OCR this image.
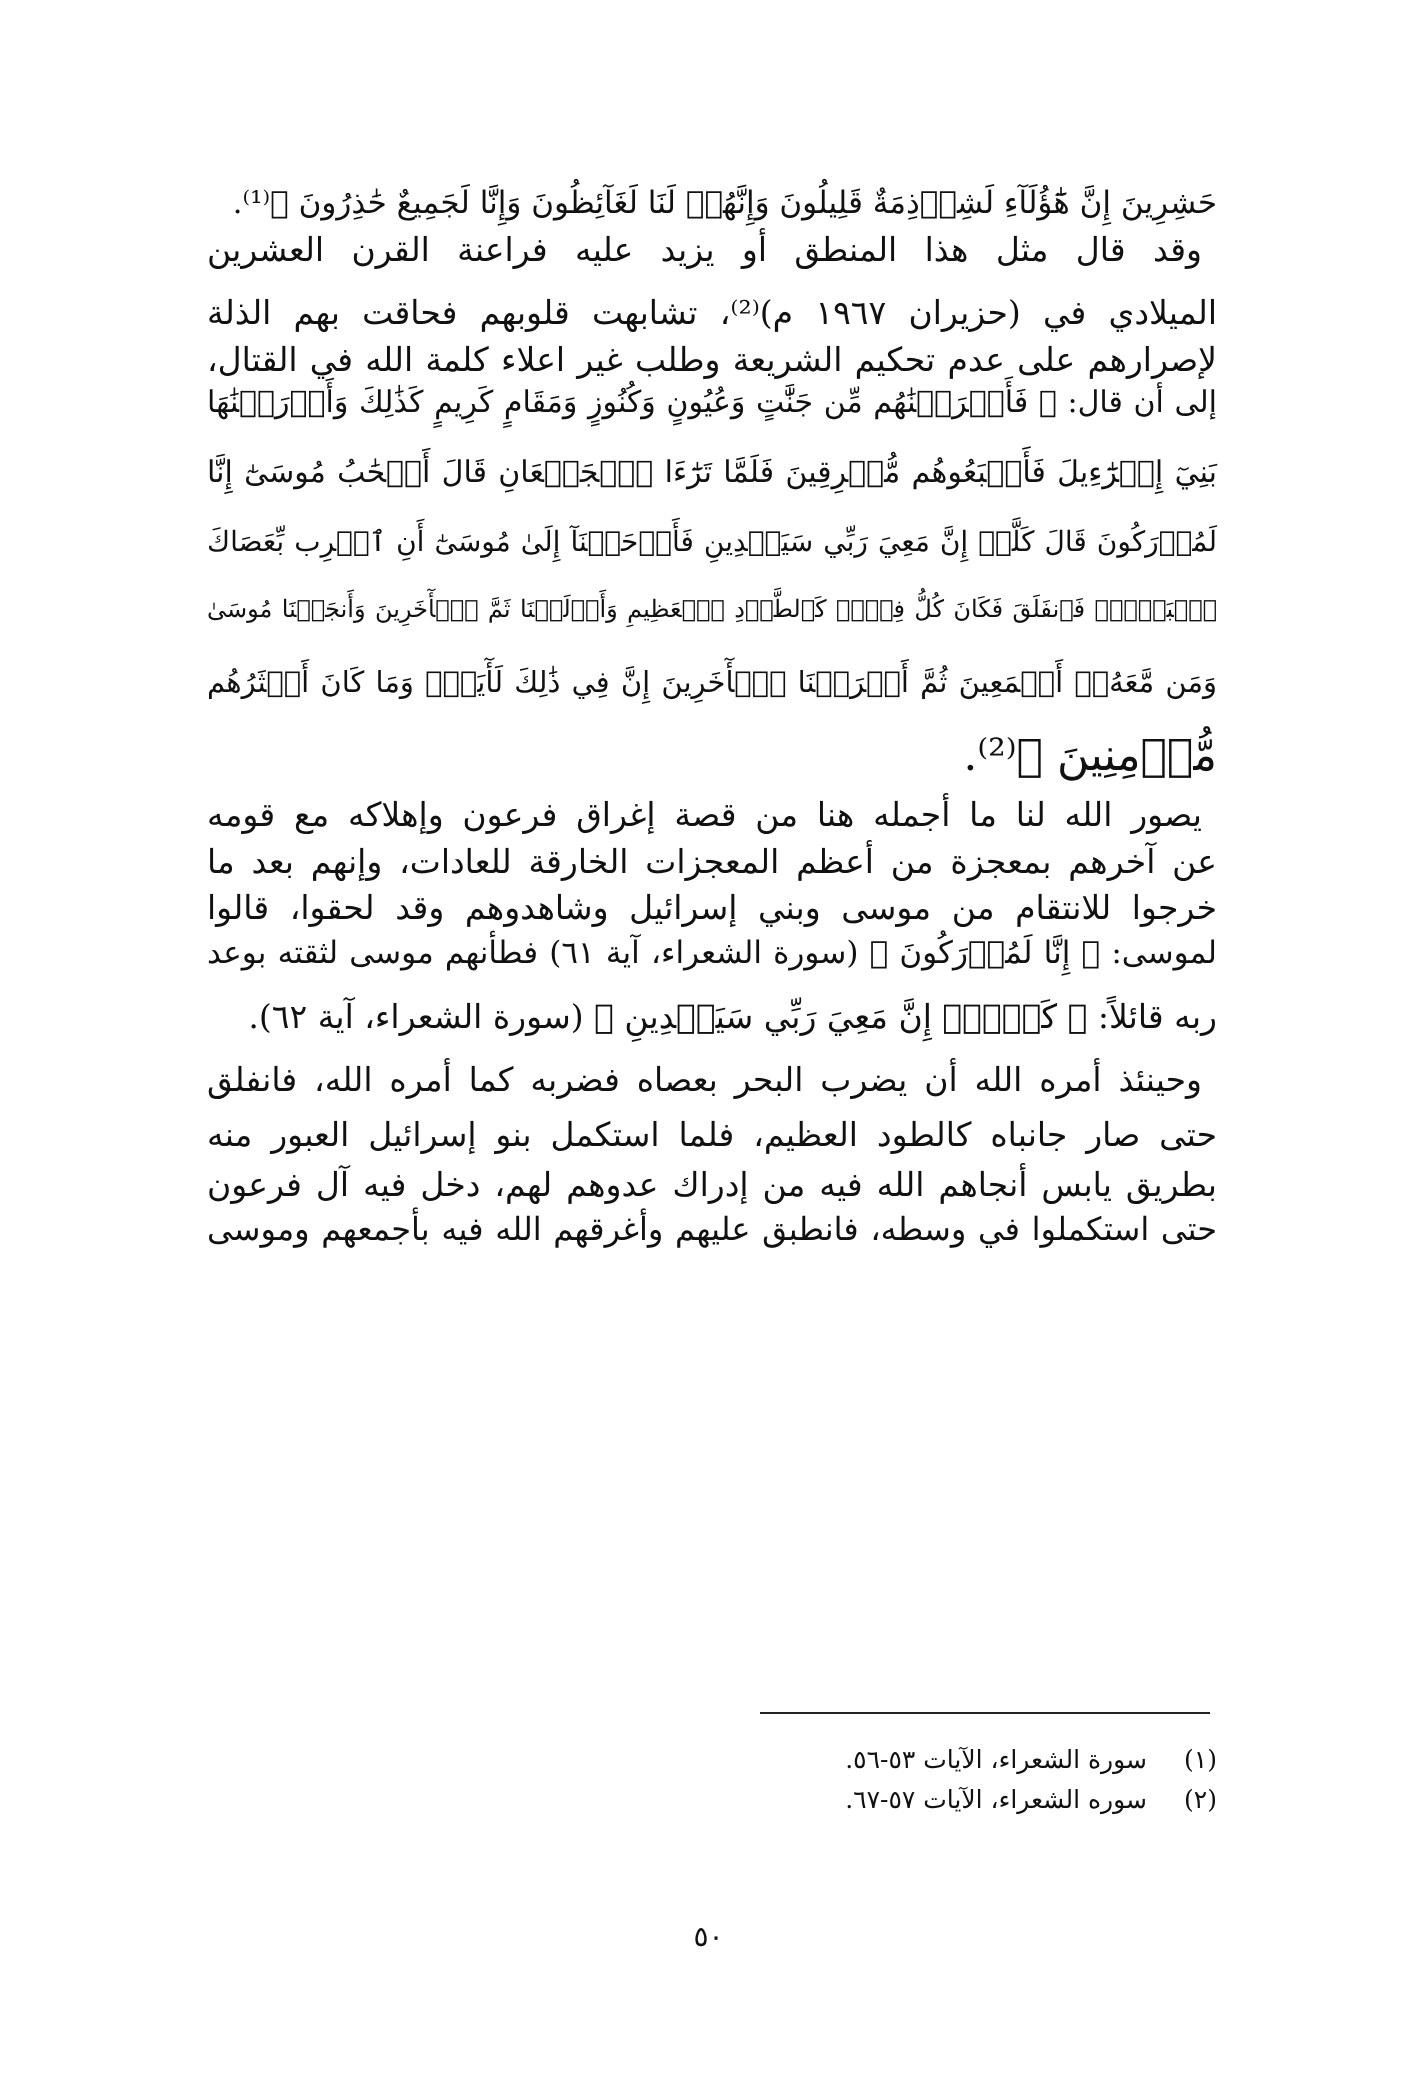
حَشِرِينَ إِنَّ هَٰٓؤُلَآءِ لَشِرۡذِمَةٌ قَلِيلُونَ وَإِنَّهُمۡ لَنَا لَغَآئِظُونَ وَإِنَّا لَجَمِيعٌ حَٰذِرُونَ ﴾⁽¹⁾.
وقد قال مثل هذا المنطق أو يزيد عليه فراعنة القرن العشرين
الميلادي في (حزيران ١٩٦٧ م)⁽²⁾، تشابهت قلوبهم فحاقت بهم الذلة
لإصرارهم على عدم تحكيم الشريعة وطلب غير اعلاء كلمة الله في القتال،
إلى أن قال: ﴿ فَأَخۡرَجۡنَٰهُم مِّن جَنَّٰتٍ وَعُيُونٍ وَكُنُوزٍ وَمَقَامٍ كَرِيمٍ كَذَٰلِكَ وَأَوۡرَثۡنَٰهَا
بَنِيٓ إِسۡرَٰٓءِيلَ فَأَتۡبَعُوهُم مُّشۡرِقِينَ فَلَمَّا تَرَٰٓءَا ٱلۡجَمۡعَانِ قَالَ أَصۡحَٰبُ مُوسَىٰٓ إِنَّا
لَمُدۡرَكُونَ قَالَ كَلَّآۖ إِنَّ مَعِيَ رَبِّي سَيَهۡدِينِ فَأَوۡحَيۡنَآ إِلَىٰ مُوسَىٰٓ أَنِ ٱضۡرِب بِّعَصَاكَ
ٱلۡبَحۡرَۖ فَٱنفَلَقَ فَكَانَ كُلُّ فِرۡقٖ كَٱلطَّوۡدِ ٱلۡعَظِيمِ وَأَزۡلَفۡنَا ثَمَّ ٱلۡأٓخَرِينَ وَأَنجَيۡنَا مُوسَىٰ
وَمَن مَّعَهُۥٓ أَجۡمَعِينَ ثُمَّ أَغۡرَقۡنَا ٱلۡأٓخَرِينَ إِنَّ فِي ذَٰلِكَ لَأٓيَةٗۖ وَمَا كَانَ أَكۡثَرُهُم
مُّؤۡمِنِينَ ﴾⁽²⁾.
يصور الله لنا ما أجمله هنا من قصة إغراق فرعون وإهلاكه مع قومه
عن آخرهم بمعجزة من أعظم المعجزات الخارقة للعادات، وإنهم بعد ما
خرجوا للانتقام من موسى وبني إسرائيل وشاهدوهم وقد لحقوا، قالوا
لموسى: ﴿ إِنَّا لَمُدۡرَكُونَ ﴾ (سورة الشعراء، آية ٦١) فطأنهم موسى لثقته بوعد
ربه قائلاً: ﴿ كَلَّآۖ إِنَّ مَعِيَ رَبِّي سَيَهۡدِينِ ﴾ (سورة الشعراء، آية ٦٢).
وحينئذ أمره الله أن يضرب البحر بعصاه فضربه كما أمره الله، فانفلق
حتى صار جانباه كالطود العظيم، فلما استكمل بنو إسرائيل العبور منه
بطريق يابس أنجاهم الله فيه من إدراك عدوهم لهم، دخل فيه آل فرعون
حتى استكملوا في وسطه، فانطبق عليهم وأغرقهم الله فيه بأجمعهم وموسى
(١)سورة الشعراء، الآيات ٥٣-٥٦.
(٢)سوره الشعراء، الآيات ٥٧-٦٧.
٥٠
